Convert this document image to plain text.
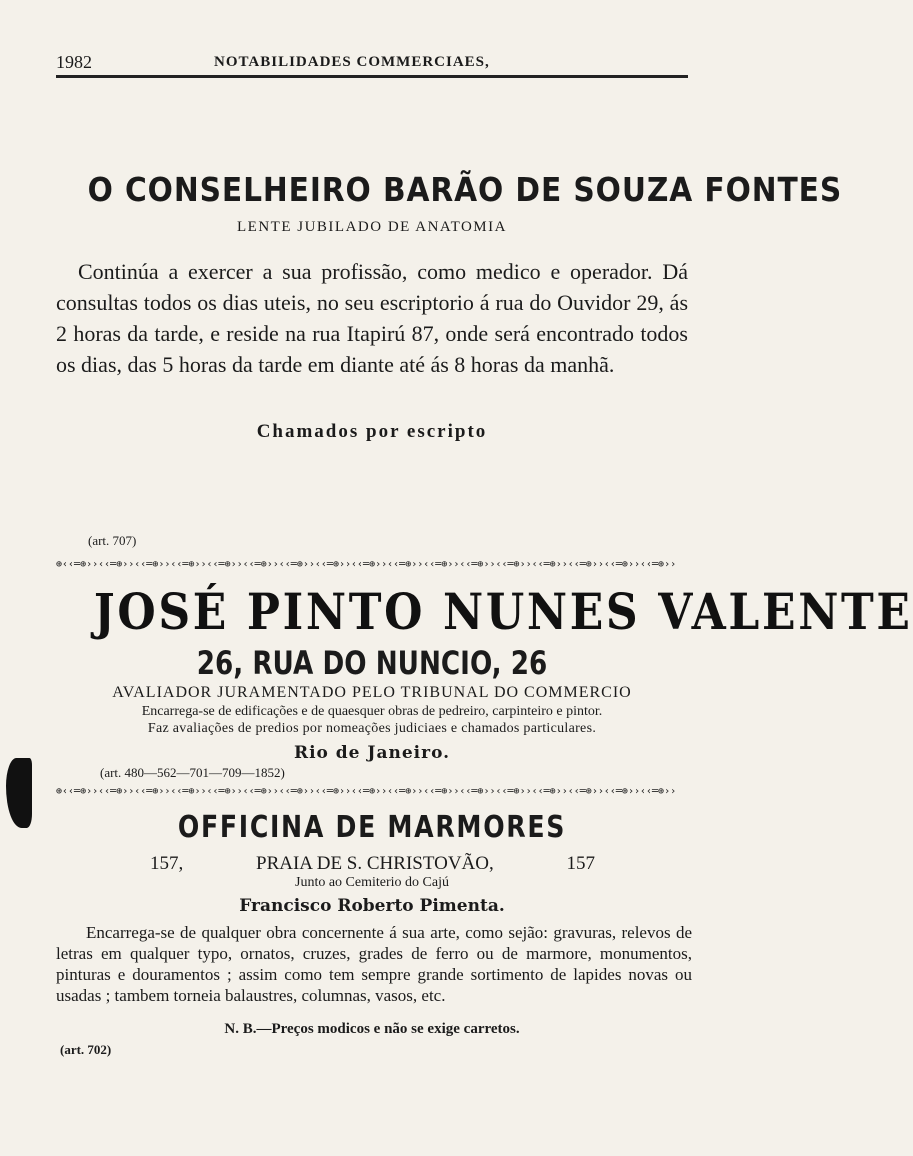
1982	NOTABILIDADES COMMERCIAES,
O CONSELHEIRO BARÃO DE SOUZA FONTES
LENTE JUBILADO DE ANATOMIA
Continúa a exercer a sua profissão, como medico e operador. Dá consultas todos os dias uteis, no seu escriptorio á rua do Ouvidor 29, ás 2 horas da tarde, e reside na rua Itapirú 87, onde será encontrado todos os dias, das 5 horas da tarde em diante até ás 8 horas da manhã.
Chamados por escripto
(art. 707)
⊕‹‹═⊕››‹‹═⊕››‹‹═⊕››‹‹═⊕››‹‹═⊕››‹‹═⊕››‹‹═⊕››‹‹═⊕››‹‹═⊕››‹‹═⊕››‹‹═⊕››‹‹═⊕››‹‹═⊕››‹‹═⊕››‹‹═⊕››‹‹═⊕››‹‹═⊕››
JOSÉ PINTO NUNES VALENTE
26, RUA DO NUNCIO, 26
AVALIADOR JURAMENTADO PELO TRIBUNAL DO COMMERCIO
Encarrega-se de edificações e de quaesquer obras de pedreiro, carpinteiro e pintor.
Faz avaliações de predios por nomeações judiciaes e chamados particulares.
Rio de Janeiro.
(art. 480—562—701—709—1852)
⊕‹‹═⊕››‹‹═⊕››‹‹═⊕››‹‹═⊕››‹‹═⊕››‹‹═⊕››‹‹═⊕››‹‹═⊕››‹‹═⊕››‹‹═⊕››‹‹═⊕››‹‹═⊕››‹‹═⊕››‹‹═⊕››‹‹═⊕››‹‹═⊕››‹‹═⊕››
OFFICINA DE MARMORES
157,	PRAIA DE S. CHRISTOVÃO,	157
Junto ao Cemiterio do Cajú
Francisco Roberto Pimenta.
Encarrega-se de qualquer obra concernente á sua arte, como sejão: gravuras, relevos de letras em qualquer typo, ornatos, cruzes, grades de ferro ou de marmore, monumentos, pinturas e douramentos ; assim como tem sempre grande sortimento de lapides novas ou usadas ; tambem torneia balaustres, columnas, vasos, etc.
N. B.—Preços modicos e não se exige carretos.
(art. 702)
